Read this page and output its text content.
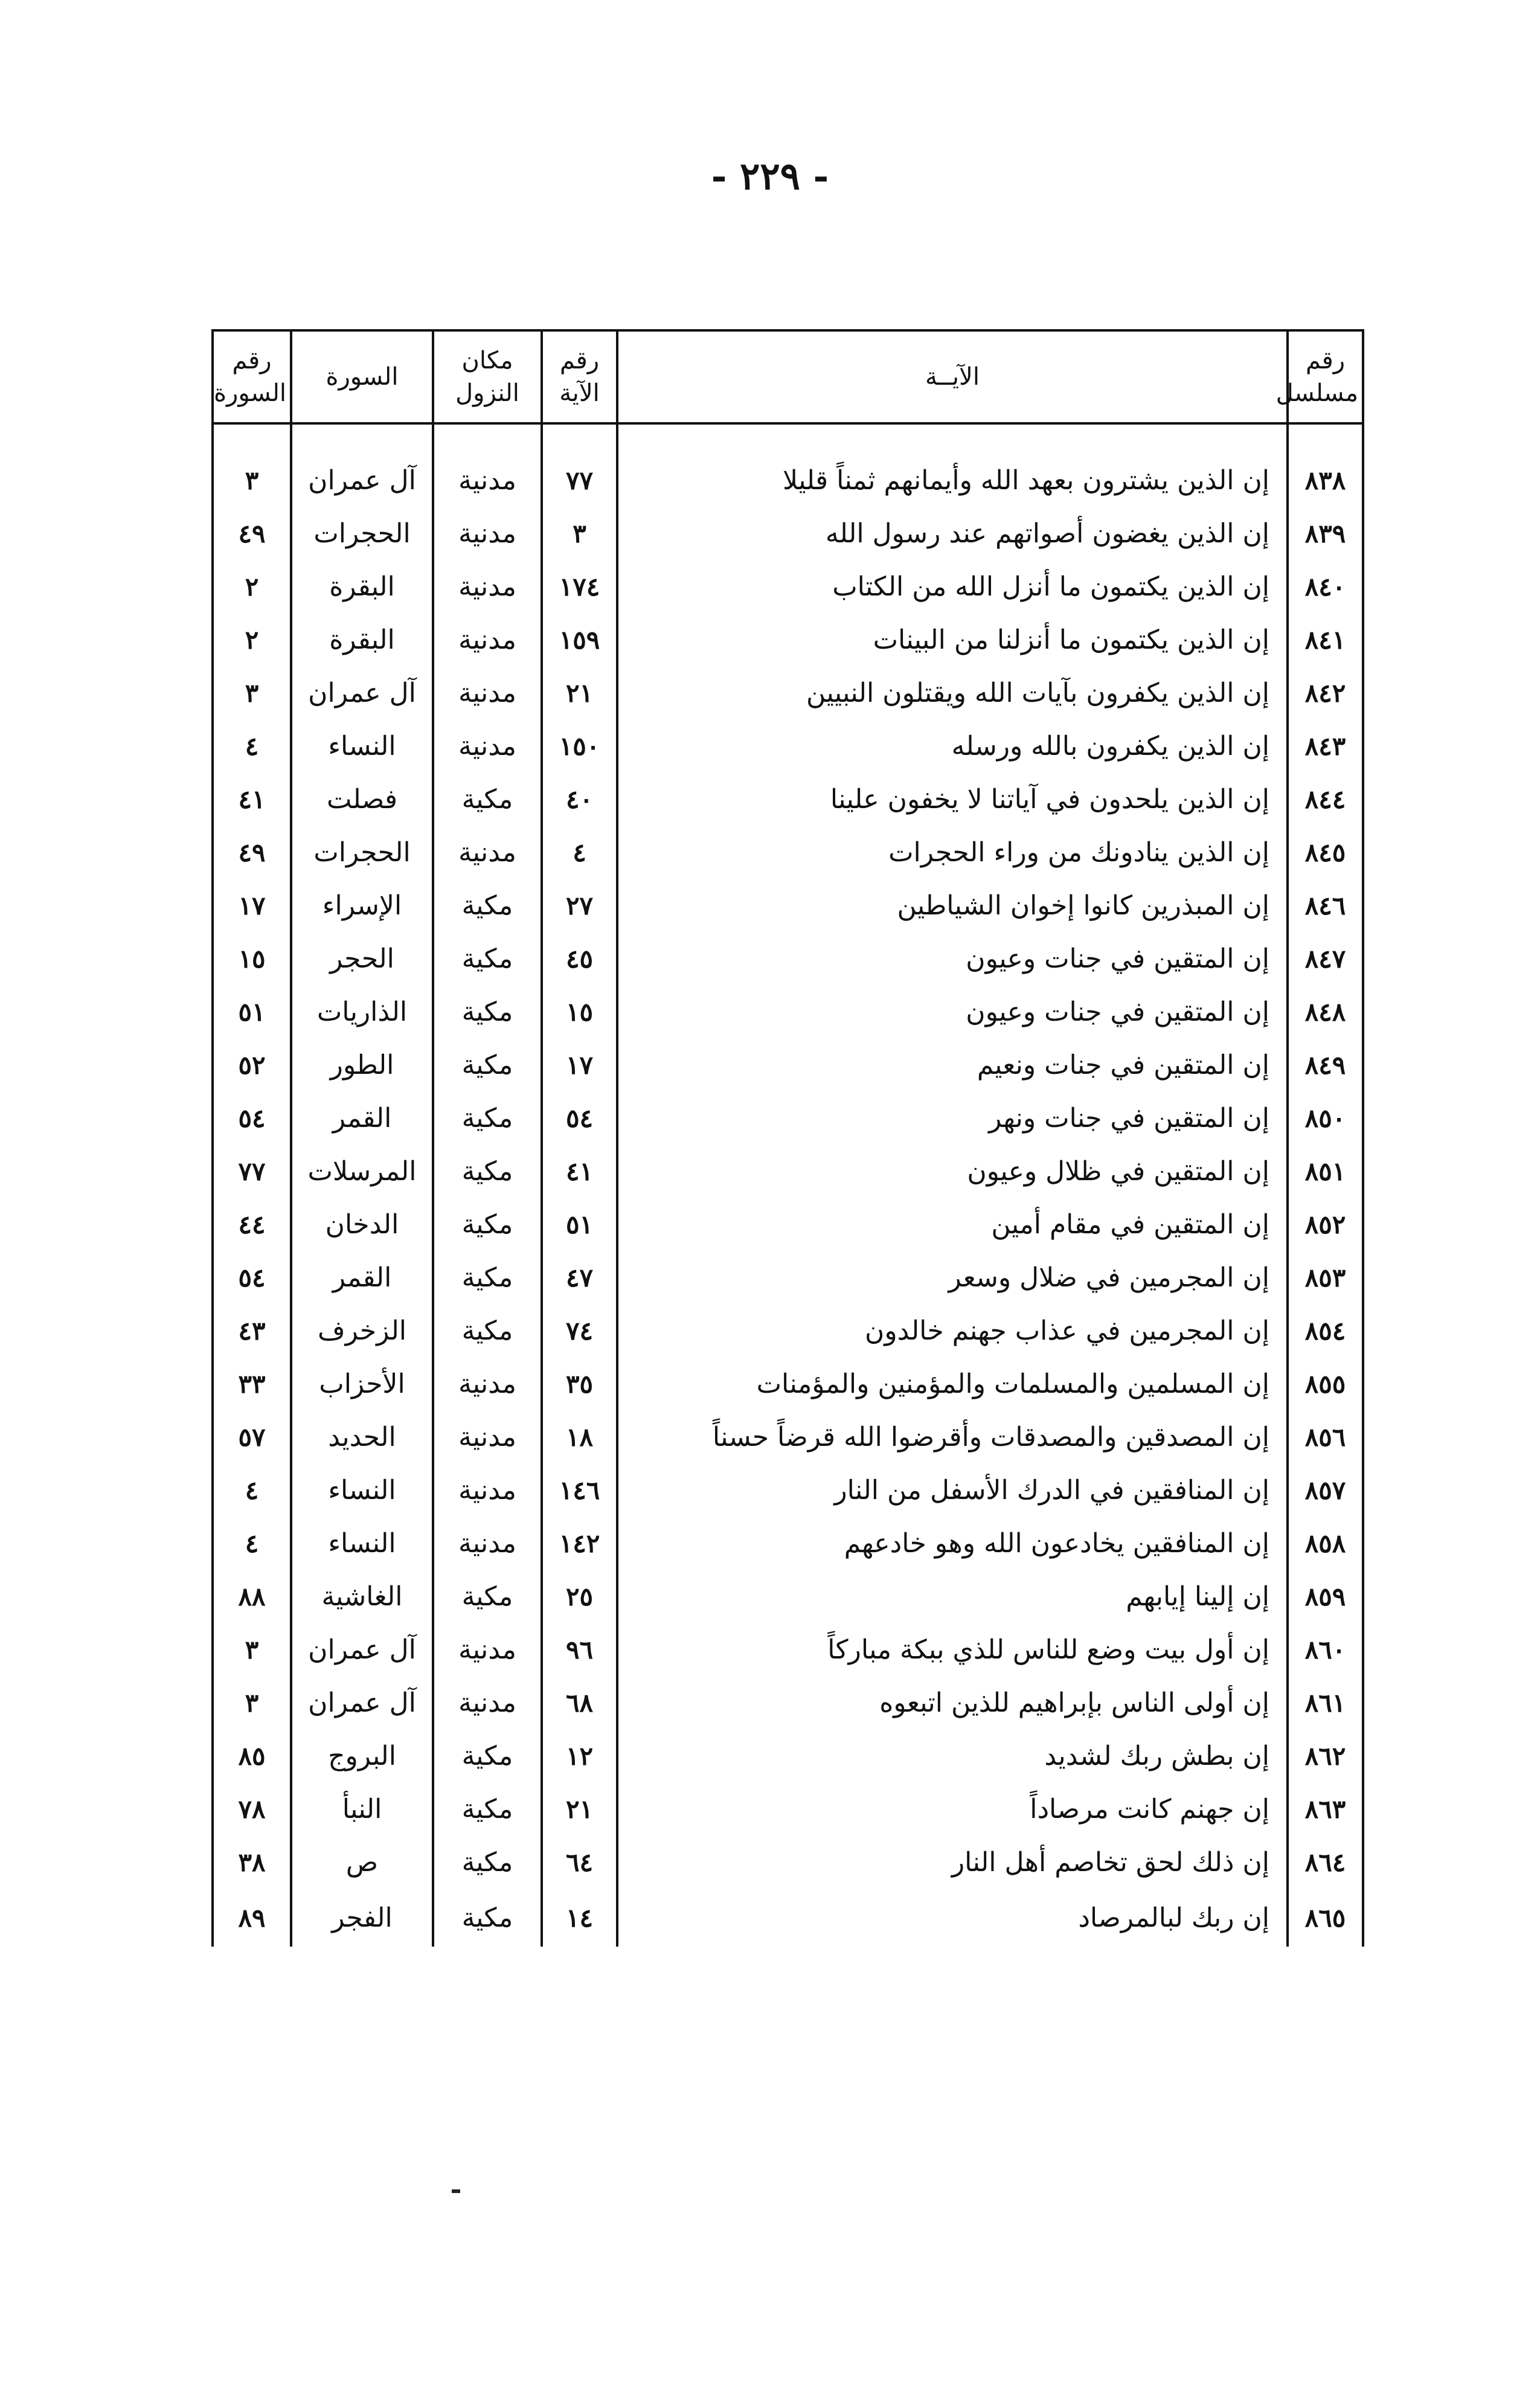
- ٢٢٩ -
رقم مسلسل	الآيــة	رقم الآية	مكان النزول	السورة	رقم السورة

٨٣٨	إن الذين يشترون بعهد الله وأيمانهم ثمناً قليلا	٧٧	مدنية	آل عمران	٣
٨٣٩	إن الذين يغضون أصواتهم عند رسول الله	٣	مدنية	الحجرات	٤٩
٨٤٠	إن الذين يكتمون ما أنزل الله من الكتاب	١٧٤	مدنية	البقرة	٢
٨٤١	إن الذين يكتمون ما أنزلنا من البينات	١٥٩	مدنية	البقرة	٢
٨٤٢	إن الذين يكفرون بآيات الله ويقتلون النبيين	٢١	مدنية	آل عمران	٣
٨٤٣	إن الذين يكفرون بالله ورسله	١٥٠	مدنية	النساء	٤
٨٤٤	إن الذين يلحدون في آياتنا لا يخفون علينا	٤٠	مكية	فصلت	٤١
٨٤٥	إن الذين ينادونك من وراء الحجرات	٤	مدنية	الحجرات	٤٩
٨٤٦	إن المبذرين كانوا إخوان الشياطين	٢٧	مكية	الإسراء	١٧
٨٤٧	إن المتقين في جنات وعيون	٤٥	مكية	الحجر	١٥
٨٤٨	إن المتقين في جنات وعيون	١٥	مكية	الذاريات	٥١
٨٤٩	إن المتقين في جنات ونعيم	١٧	مكية	الطور	٥٢
٨٥٠	إن المتقين في جنات ونهر	٥٤	مكية	القمر	٥٤
٨٥١	إن المتقين في ظلال وعيون	٤١	مكية	المرسلات	٧٧
٨٥٢	إن المتقين في مقام أمين	٥١	مكية	الدخان	٤٤
٨٥٣	إن المجرمين في ضلال وسعر	٤٧	مكية	القمر	٥٤
٨٥٤	إن المجرمين في عذاب جهنم خالدون	٧٤	مكية	الزخرف	٤٣
٨٥٥	إن المسلمين والمسلمات والمؤمنين والمؤمنات	٣٥	مدنية	الأحزاب	٣٣
٨٥٦	إن المصدقين والمصدقات وأقرضوا الله قرضاً حسناً	١٨	مدنية	الحديد	٥٧
٨٥٧	إن المنافقين في الدرك الأسفل من النار	١٤٦	مدنية	النساء	٤
٨٥٨	إن المنافقين يخادعون الله وهو خادعهم	١٤٢	مدنية	النساء	٤
٨٥٩	إن إلينا إيابهم	٢٥	مكية	الغاشية	٨٨
٨٦٠	إن أول بيت وضع للناس للذي ببكة مباركاً	٩٦	مدنية	آل عمران	٣
٨٦١	إن أولى الناس بإبراهيم للذين اتبعوه	٦٨	مدنية	آل عمران	٣
٨٦٢	إن بطش ربك لشديد	١٢	مكية	البروج	٨٥
٨٦٣	إن جهنم كانت مرصاداً	٢١	مكية	النبأ	٧٨
٨٦٤	إن ذلك لحق تخاصم أهل النار	٦٤	مكية	ص	٣٨
٨٦٥	إن ربك لبالمرصاد	١٤	مكية	الفجر	٨٩
